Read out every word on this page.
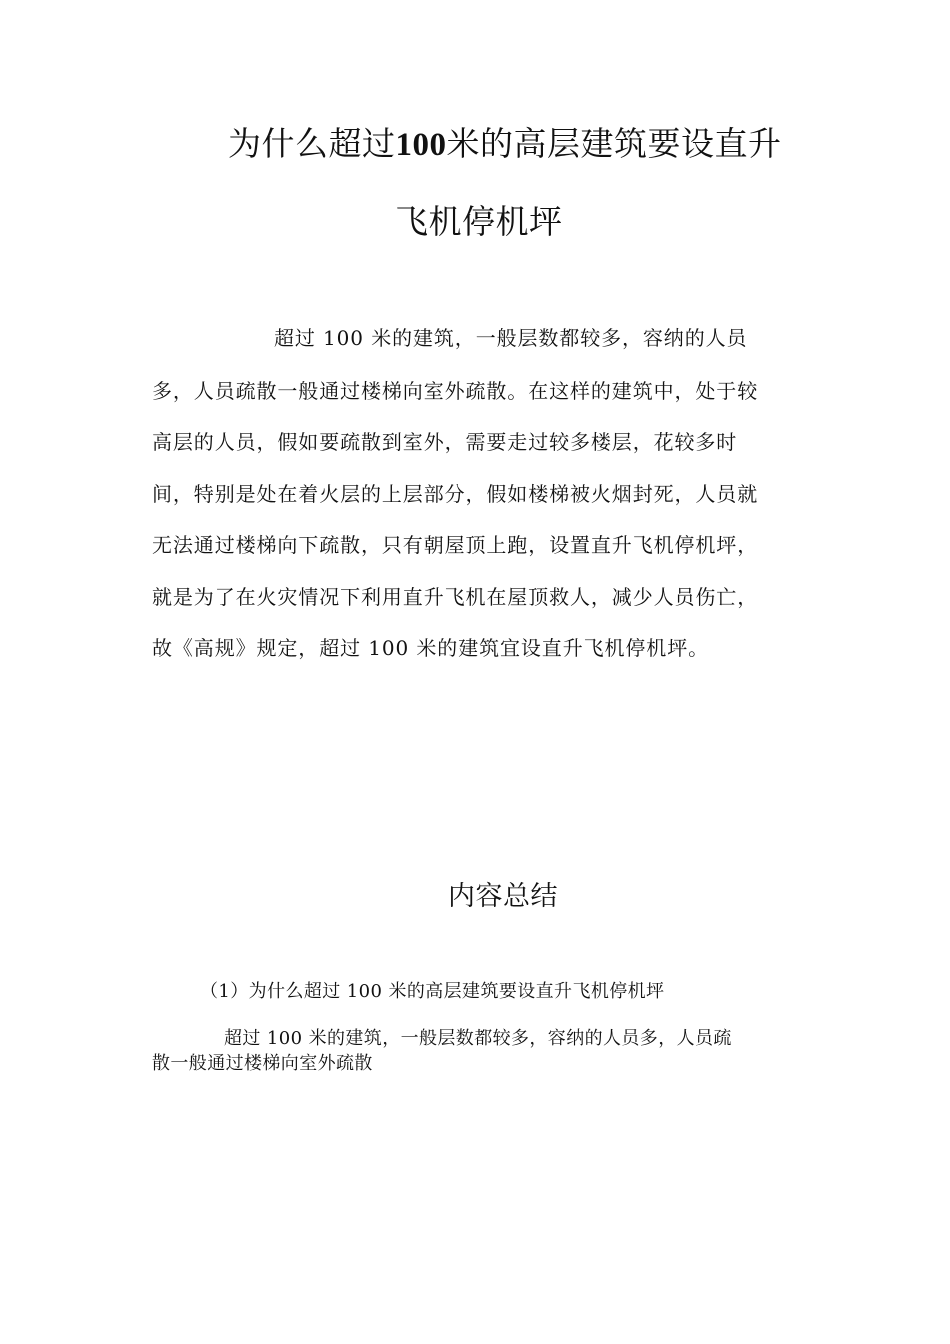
为什么超过100米的高层建筑要设直升
飞机停机坪
超过 100 米的建筑，一般层数都较多，容纳的人员
多，人员疏散一般通过楼梯向室外疏散。在这样的建筑中，处于较
高层的人员，假如要疏散到室外，需要走过较多楼层，花较多时
间，特别是处在着火层的上层部分，假如楼梯被火烟封死，人员就
无法通过楼梯向下疏散，只有朝屋顶上跑，设置直升飞机停机坪，
就是为了在火灾情况下利用直升飞机在屋顶救人，减少人员伤亡，
故《高规》规定，超过 100 米的建筑宜设直升飞机停机坪。
内容总结
（1）为什么超过 100 米的高层建筑要设直升飞机停机坪
超过 100 米的建筑，一般层数都较多，容纳的人员多，人员疏
散一般通过楼梯向室外疏散
